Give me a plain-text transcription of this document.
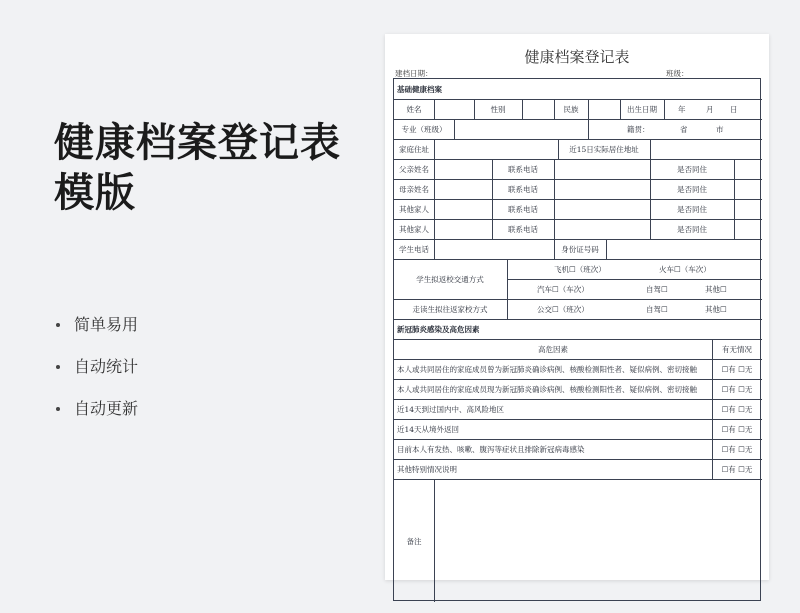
健康档案登记表
模版
简单易用
自动统计
自动更新
健康档案登记表
建档日期：	班级：
基础健康档案
姓名	性别	民族	出生日期	年	月 日
专业（班级）	籍贯：	省	市
家庭住址	近15日实际居住地址
父亲姓名	联系电话	是否同住
母亲姓名	联系电话	是否同住
其他家人	联系电话	是否同住
其他家人	联系电话	是否同住
学生电话	身份证号码
学生拟返校交通方式
飞机☐（班次）	火车☐（车次）
汽车☐（车次）	自驾☐	其他☐
走读生拟往返家校方式	公交☐（班次）	自驾☐	其他☐
新冠肺炎感染及高危因素
高危因素	有无情况
本人或共同居住的家庭成员曾为新冠肺炎确诊病例、核酸检测阳性者、疑似病例、密切接触	☐有 ☐无
本人或共同居住的家庭成员现为新冠肺炎确诊病例、核酸检测阳性者、疑似病例、密切接触	☐有 ☐无
近14天到过国内中、高风险地区	☐有 ☐无
近14天从境外返回	☐有 ☐无
目前本人有发热、咳嗽、腹泻等症状且排除新冠病毒感染	☐有 ☐无
其他特别情况说明	☐有 ☐无
备注
